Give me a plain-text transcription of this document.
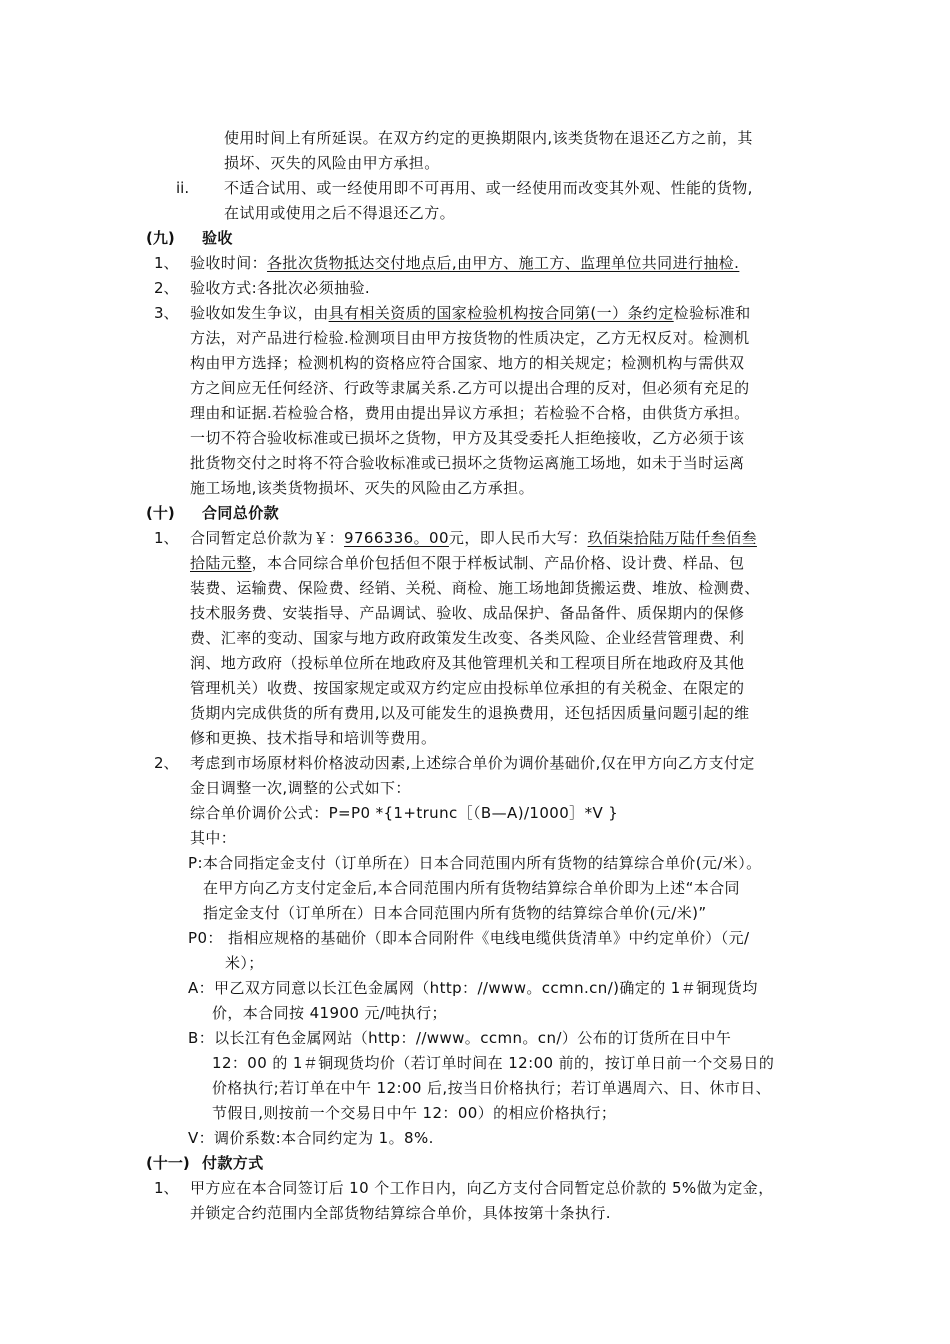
使用时间上有所延误。在双方约定的更换期限内,该类货物在退还乙方之前，其
损坏、灭失的风险由甲方承担。
ii. 不适合试用、或一经使用即不可再用、或一经使用而改变其外观、性能的货物,
在试用或使用之后不得退还乙方。
(九) 验收
1、 验收时间：各批次货物抵达交付地点后,由甲方、施工方、监理单位共同进行抽检.
2、 验收方式:各批次必须抽验.
3、 验收如发生争议，由具有相关资质的国家检验机构按合同第(一）条约定检验标准和
方法，对产品进行检验.检测项目由甲方按货物的性质决定，乙方无权反对。检测机
构由甲方选择；检测机构的资格应符合国家、地方的相关规定；检测机构与需供双
方之间应无任何经济、行政等隶属关系.乙方可以提出合理的反对，但必须有充足的
理由和证据.若检验合格，费用由提出异议方承担；若检验不合格，由供货方承担。
一切不符合验收标准或已损坏之货物，甲方及其受委托人拒绝接收，乙方必须于该
批货物交付之时将不符合验收标准或已损坏之货物运离施工场地，如未于当时运离
施工场地,该类货物损坏、灭失的风险由乙方承担。
(十) 合同总价款
1、 合同暂定总价款为￥：9766336。00元，即人民币大写：玖佰柒拾陆万陆仟叁佰叁
拾陆元整，本合同综合单价包括但不限于样板试制、产品价格、设计费、样品、包
装费、运输费、保险费、经销、关税、商检、施工场地卸货搬运费、堆放、检测费、
技术服务费、安装指导、产品调试、验收、成品保护、备品备件、质保期内的保修
费、汇率的变动、国家与地方政府政策发生改变、各类风险、企业经营管理费、利
润、地方政府（投标单位所在地政府及其他管理机关和工程项目所在地政府及其他
管理机关）收费、按国家规定或双方约定应由投标单位承担的有关税金、在限定的
货期内完成供货的所有费用,以及可能发生的退换费用，还包括因质量问题引起的维
修和更换、技术指导和培训等费用。
2、 考虑到市场原材料价格波动因素,上述综合单价为调价基础价,仅在甲方向乙方支付定
金日调整一次,调整的公式如下：
综合单价调价公式：P=P0 *{1+trunc［（B—A)/1000］*V }
其中：
P:本合同指定金支付（订单所在）日本合同范围内所有货物的结算综合单价(元/米）。
在甲方向乙方支付定金后,本合同范围内所有货物结算综合单价即为上述“本合同
指定金支付（订单所在）日本合同范围内所有货物的结算综合单价(元/米)”
P0： 指相应规格的基础价（即本合同附件《电线电缆供货清单》中约定单价）（元/
米）；
A：甲乙双方同意以长江色金属网（http：//www。ccmn.cn/)确定的 1＃铜现货均
价，本合同按 41900 元/吨执行；
B：以长江有色金属网站（http：//www。ccmn。cn/）公布的订货所在日中午
12：00 的 1＃铜现货均价（若订单时间在 12:00 前的，按订单日前一个交易日的
价格执行;若订单在中午 12:00 后,按当日价格执行；若订单遇周六、日、休市日、
节假日,则按前一个交易日中午 12：00）的相应价格执行；
V：调价系数:本合同约定为 1。8%.
(十一) 付款方式
1、 甲方应在本合同签订后 10 个工作日内，向乙方支付合同暂定总价款的 5%做为定金，
并锁定合约范围内全部货物结算综合单价，具体按第十条执行.
